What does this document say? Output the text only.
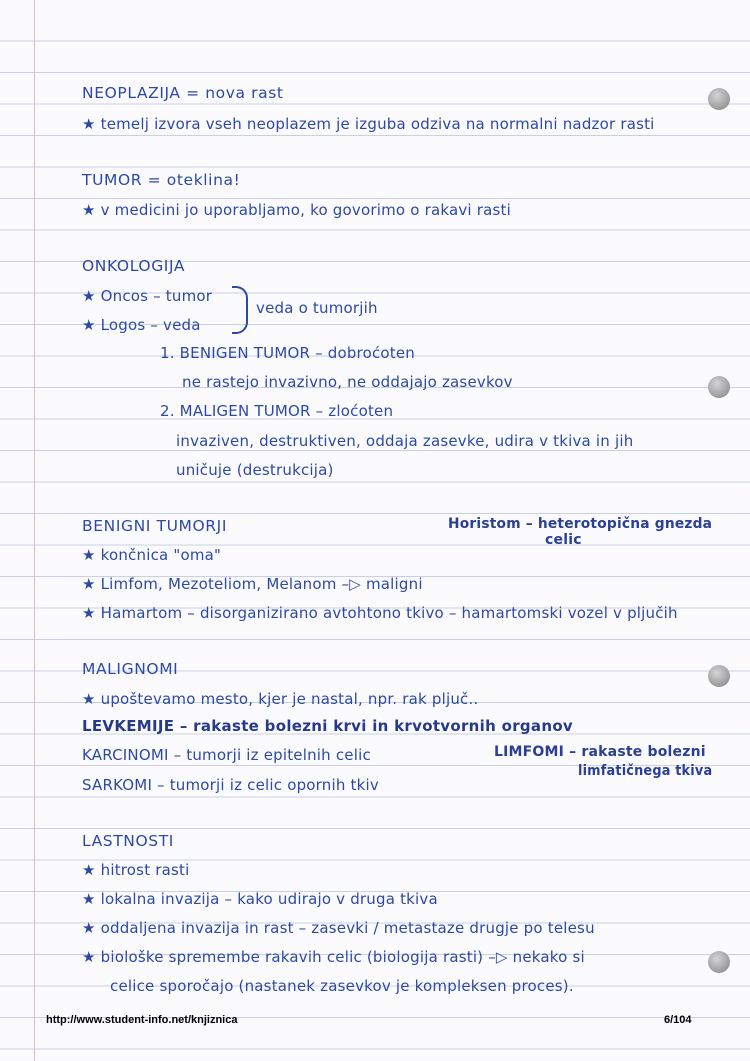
NEOPLAZIJA = nova rast
★ temelj izvora vseh neoplazem je izguba odziva na normalni nadzor rasti
TUMOR = oteklina!
★ v medicini jo uporabljamo, ko govorimo o rakavi rasti
ONKOLOGIJA
★ Oncos – tumor
★ Logos – veda
veda o tumorjih
1. BENIGEN TUMOR – dobroćoten
ne rastejo invazivno, ne oddajajo zasevkov
2. MALIGEN TUMOR – zloćoten
invaziven, destruktiven, oddaja zasevke, udira v tkiva in jih
uničuje (destrukcija)
BENIGNI TUMORJI	Horistom – heterotopična gnezda
celic
★ končnica "oma"
★ Limfom, Mezoteliom, Melanom –▷ maligni
★ Hamartom – disorganizirano avtohtono tkivo – hamartomski vozel v pljučih
MALIGNOMI
★ upoštevamo mesto, kjer je nastal, npr. rak pljuč..
LEVKEMIJE – rakaste bolezni krvi in krvotvornih organov
KARCINOMI – tumorji iz epitelnih celic	LIMFOMI – rakaste bolezni
limfatičnega tkiva
SARKOMI – tumorji iz celic opornih tkiv
LASTNOSTI
★ hitrost rasti
★ lokalna invazija – kako udirajo v druga tkiva
★ oddaljena invazija in rast – zasevki / metastaze drugje po telesu
★ biološke spremembe rakavih celic (biologija rasti) –▷ nekako si
celice sporočajo (nastanek zasevkov je kompleksen proces).
http://www.student-info.net/knjiznica	6/104
